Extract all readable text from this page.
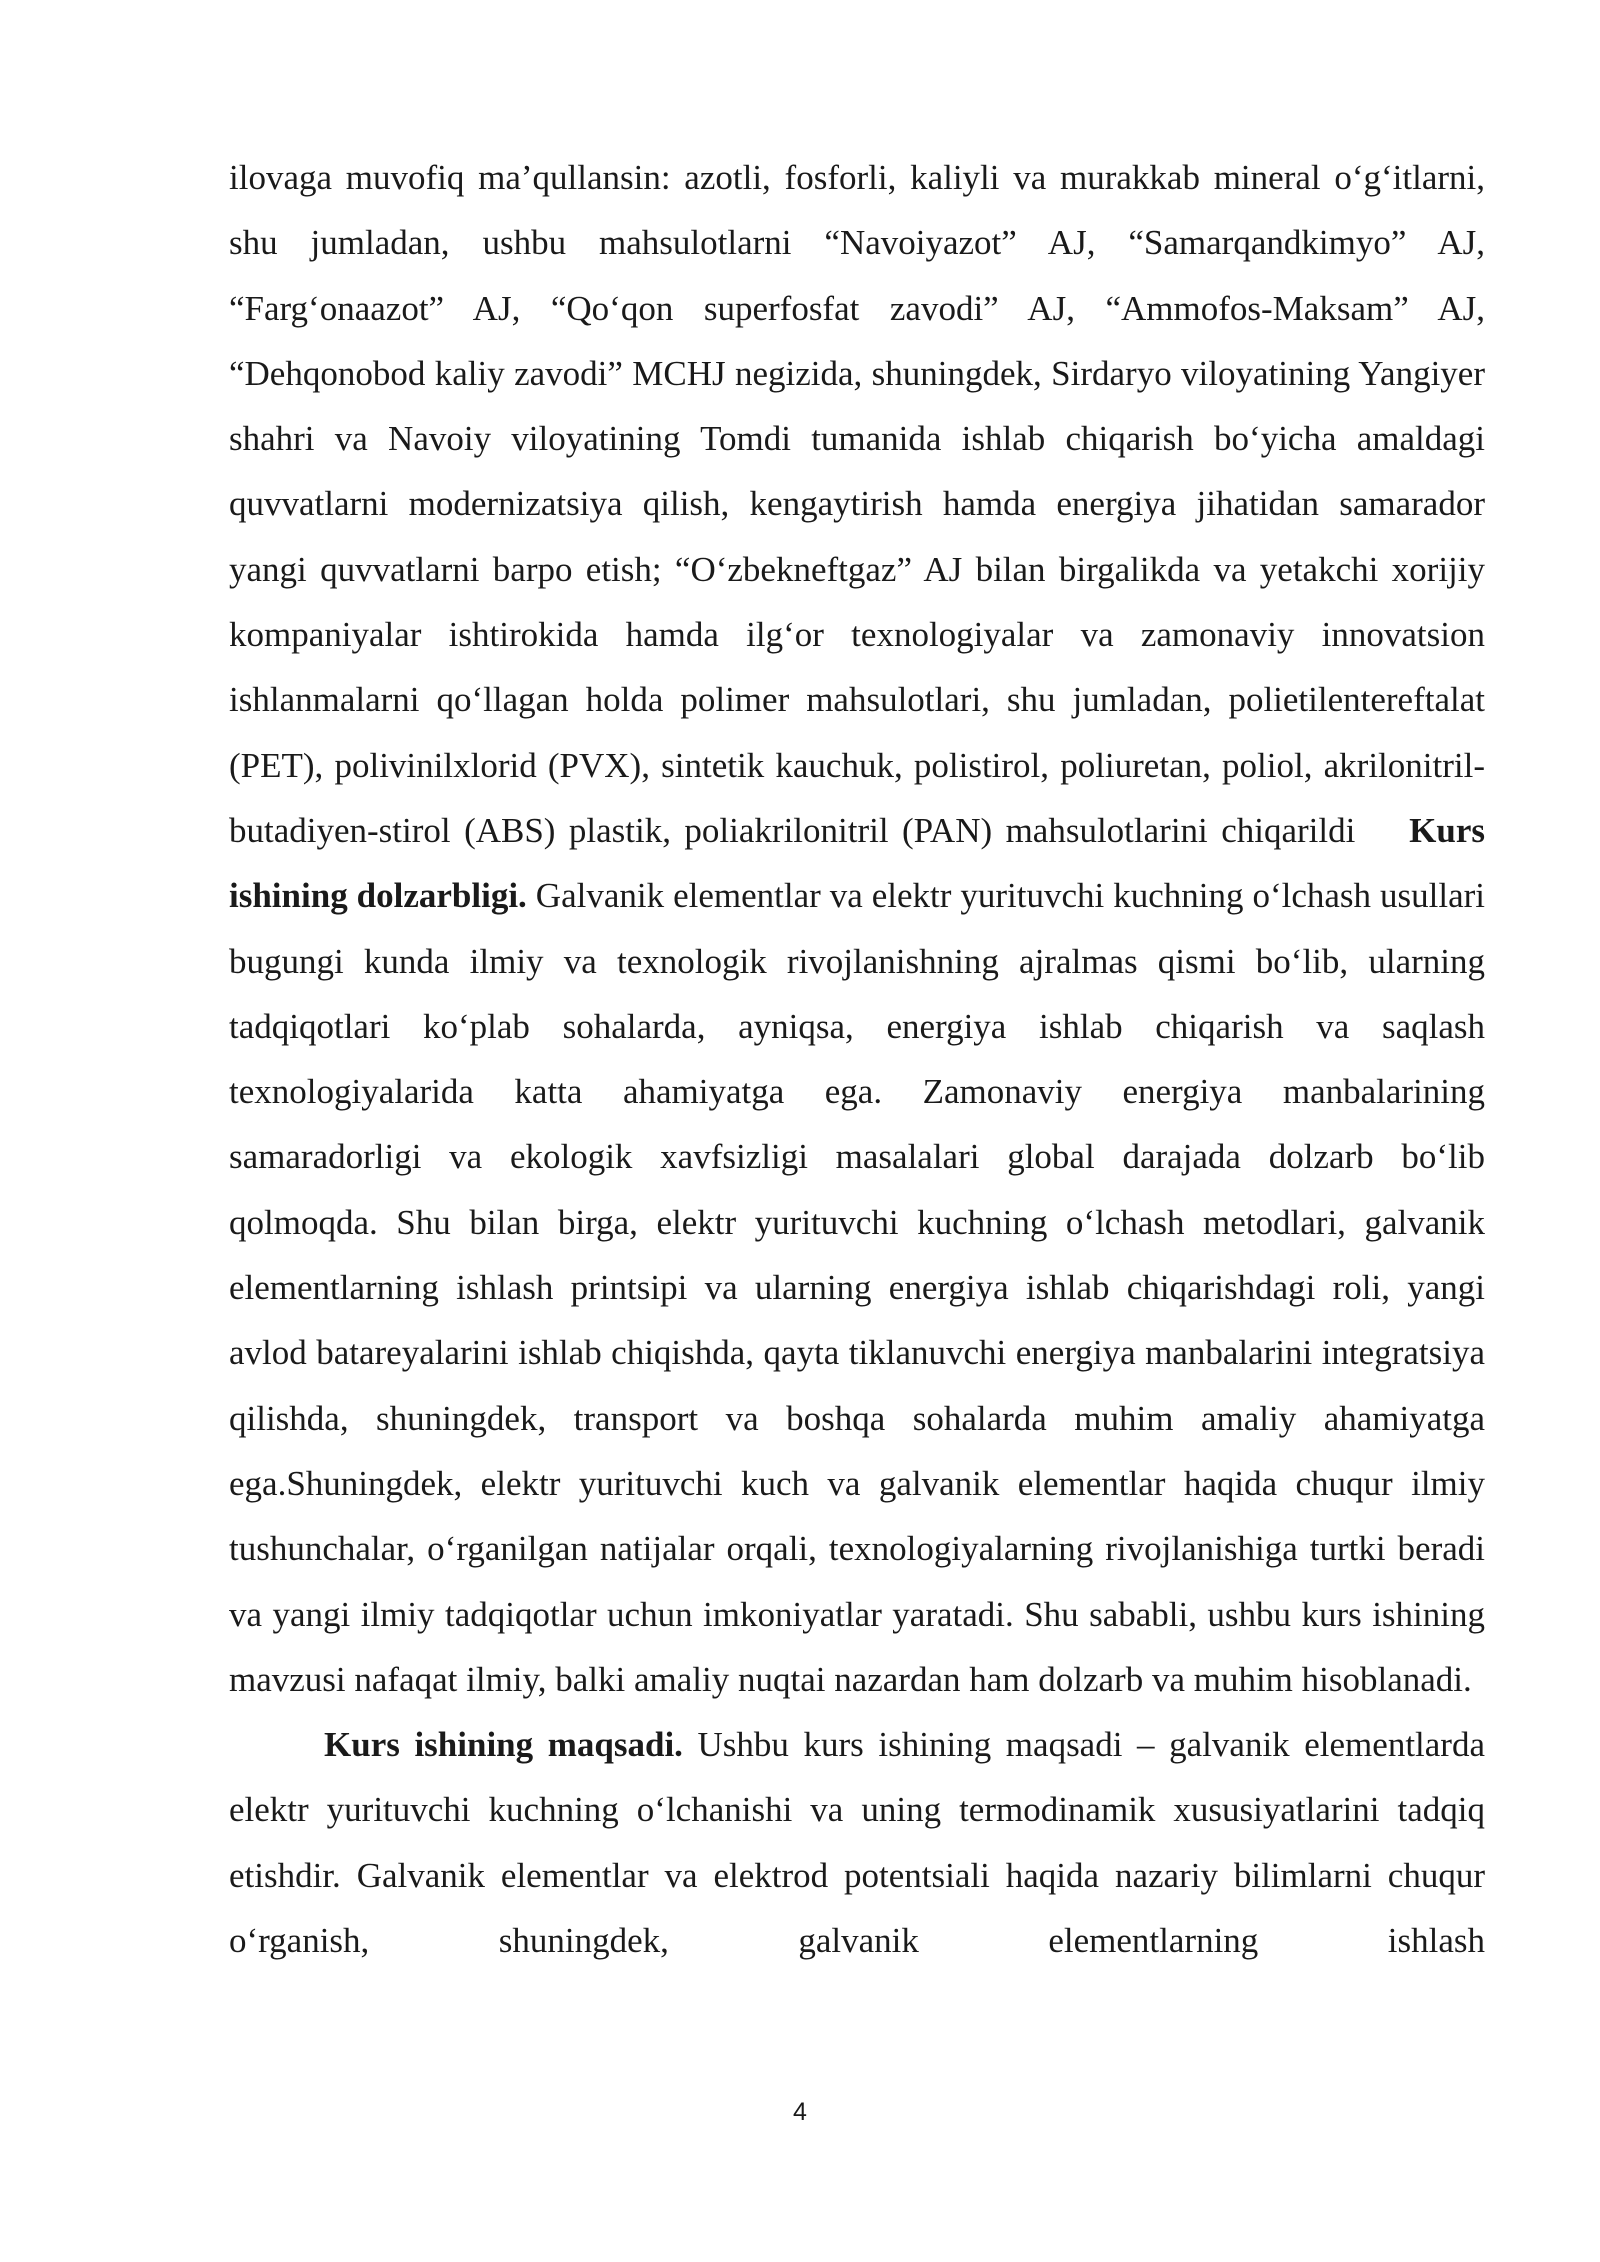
ilovaga muvofiq ma’qullansin: azotli, fosforli, kaliyli va murakkab mineral o‘g‘itlarni, shu jumladan, ushbu mahsulotlarni “Navoiyazot” AJ, “Samarqandkimyo” AJ, “Farg‘onaazot” AJ, “Qo‘qon superfosfat zavodi” AJ, “Ammofos-Maksam” AJ, “Dehqonobod kaliy zavodi” MCHJ negizida, shuningdek, Sirdaryo viloyatining Yangiyer shahri va Navoiy viloyatining Tomdi tumanida ishlab chiqarish bo‘yicha amaldagi quvvatlarni modernizatsiya qilish, kengaytirish hamda energiya jihatidan samarador yangi quvvatlarni barpo etish; “O‘zbekneftgaz” AJ bilan birgalikda va yetakchi xorijiy kompaniyalar ishtirokida hamda ilg‘or texnologiyalar va zamonaviy innovatsion ishlanmalarni qo‘llagan holda polimer mahsulotlari, shu jumladan, polietilentereftalat (PET), polivinilxlorid (PVX), sintetik kauchuk, polistirol, poliuretan, poliol, akrilonitril-butadiyen-stirol (ABS) plastik, poliakrilonitril (PAN) mahsulotlarini chiqarildi Kurs ishining dolzarbligi. Galvanik elementlar va elektr yurituvchi kuchning o‘lchash usullari bugungi kunda ilmiy va texnologik rivojlanishning ajralmas qismi bo‘lib, ularning tadqiqotlari ko‘plab sohalarda, ayniqsa, energiya ishlab chiqarish va saqlash texnologiyalarida katta ahamiyatga ega. Zamonaviy energiya manbalarining samaradorligi va ekologik xavfsizligi masalalari global darajada dolzarb bo‘lib qolmoqda. Shu bilan birga, elektr yurituvchi kuchning o‘lchash metodlari, galvanik elementlarning ishlash printsipi va ularning energiya ishlab chiqarishdagi roli, yangi avlod batareyalarini ishlab chiqishda, qayta tiklanuvchi energiya manbalarini integratsiya qilishda, shuningdek, transport va boshqa sohalarda muhim amaliy ahamiyatga ega.Shuningdek, elektr yurituvchi kuch va galvanik elementlar haqida chuqur ilmiy tushunchalar, o‘rganilgan natijalar orqali, texnologiyalarning rivojlanishiga turtki beradi va yangi ilmiy tadqiqotlar uchun imkoniyatlar yaratadi. Shu sababli, ushbu kurs ishining mavzusi nafaqat ilmiy, balki amaliy nuqtai nazardan ham dolzarb va muhim hisoblanadi.

Kurs ishining maqsadi. Ushbu kurs ishining maqsadi – galvanik elementlarda elektr yurituvchi kuchning o‘lchanishi va uning termodinamik xususiyatlarini tadqiq etishdir. Galvanik elementlar va elektrod potentsiali haqida nazariy bilimlarni chuqur o‘rganish, shuningdek, galvanik elementlarning ishlash

4
